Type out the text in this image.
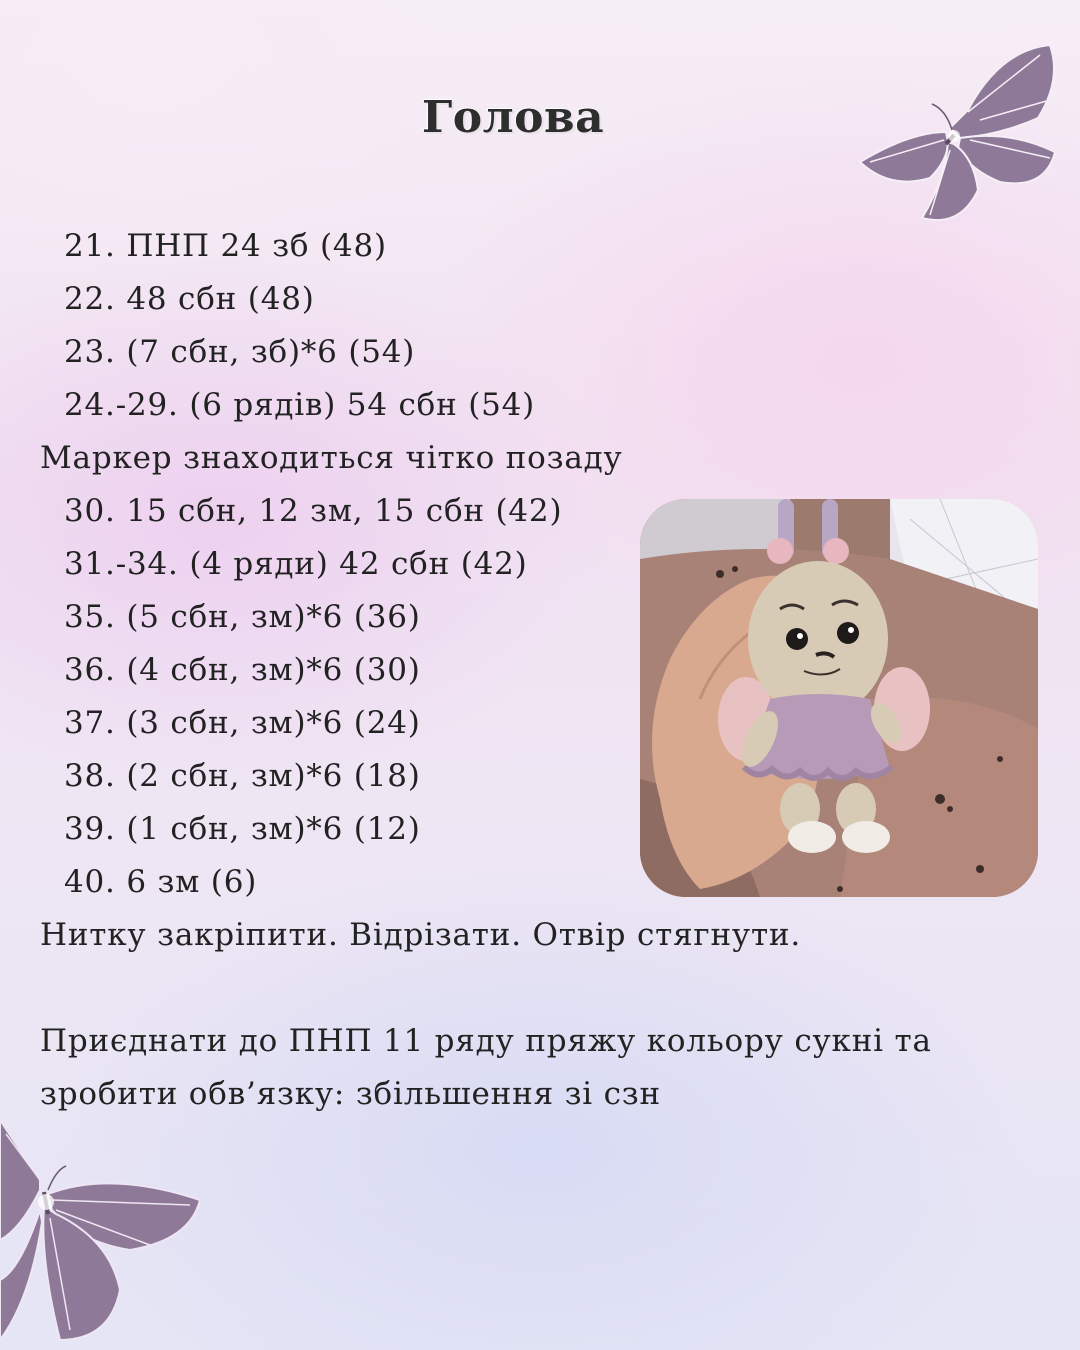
Голова
21. ПНП 24 зб (48)
22. 48 сбн (48)
23. (7 сбн, зб)*6 (54)
24.-29. (6 рядів) 54 сбн (54)
Маркер знаходиться чітко позаду
30. 15 сбн, 12 зм, 15 сбн (42)
31.-34. (4 ряди) 42 сбн (42)
35. (5 сбн, зм)*6 (36)
36. (4 сбн, зм)*6 (30)
37. (3 сбн, зм)*6 (24)
38. (2 сбн, зм)*6 (18)
39. (1 сбн, зм)*6 (12)
40. 6 зм (6)
Нитку закріпити. Відрізати. Отвір стягнути.
Приєднати до ПНП 11 ряду пряжу кольору сукні та
зробити обв’язку: збільшення зі сзн
